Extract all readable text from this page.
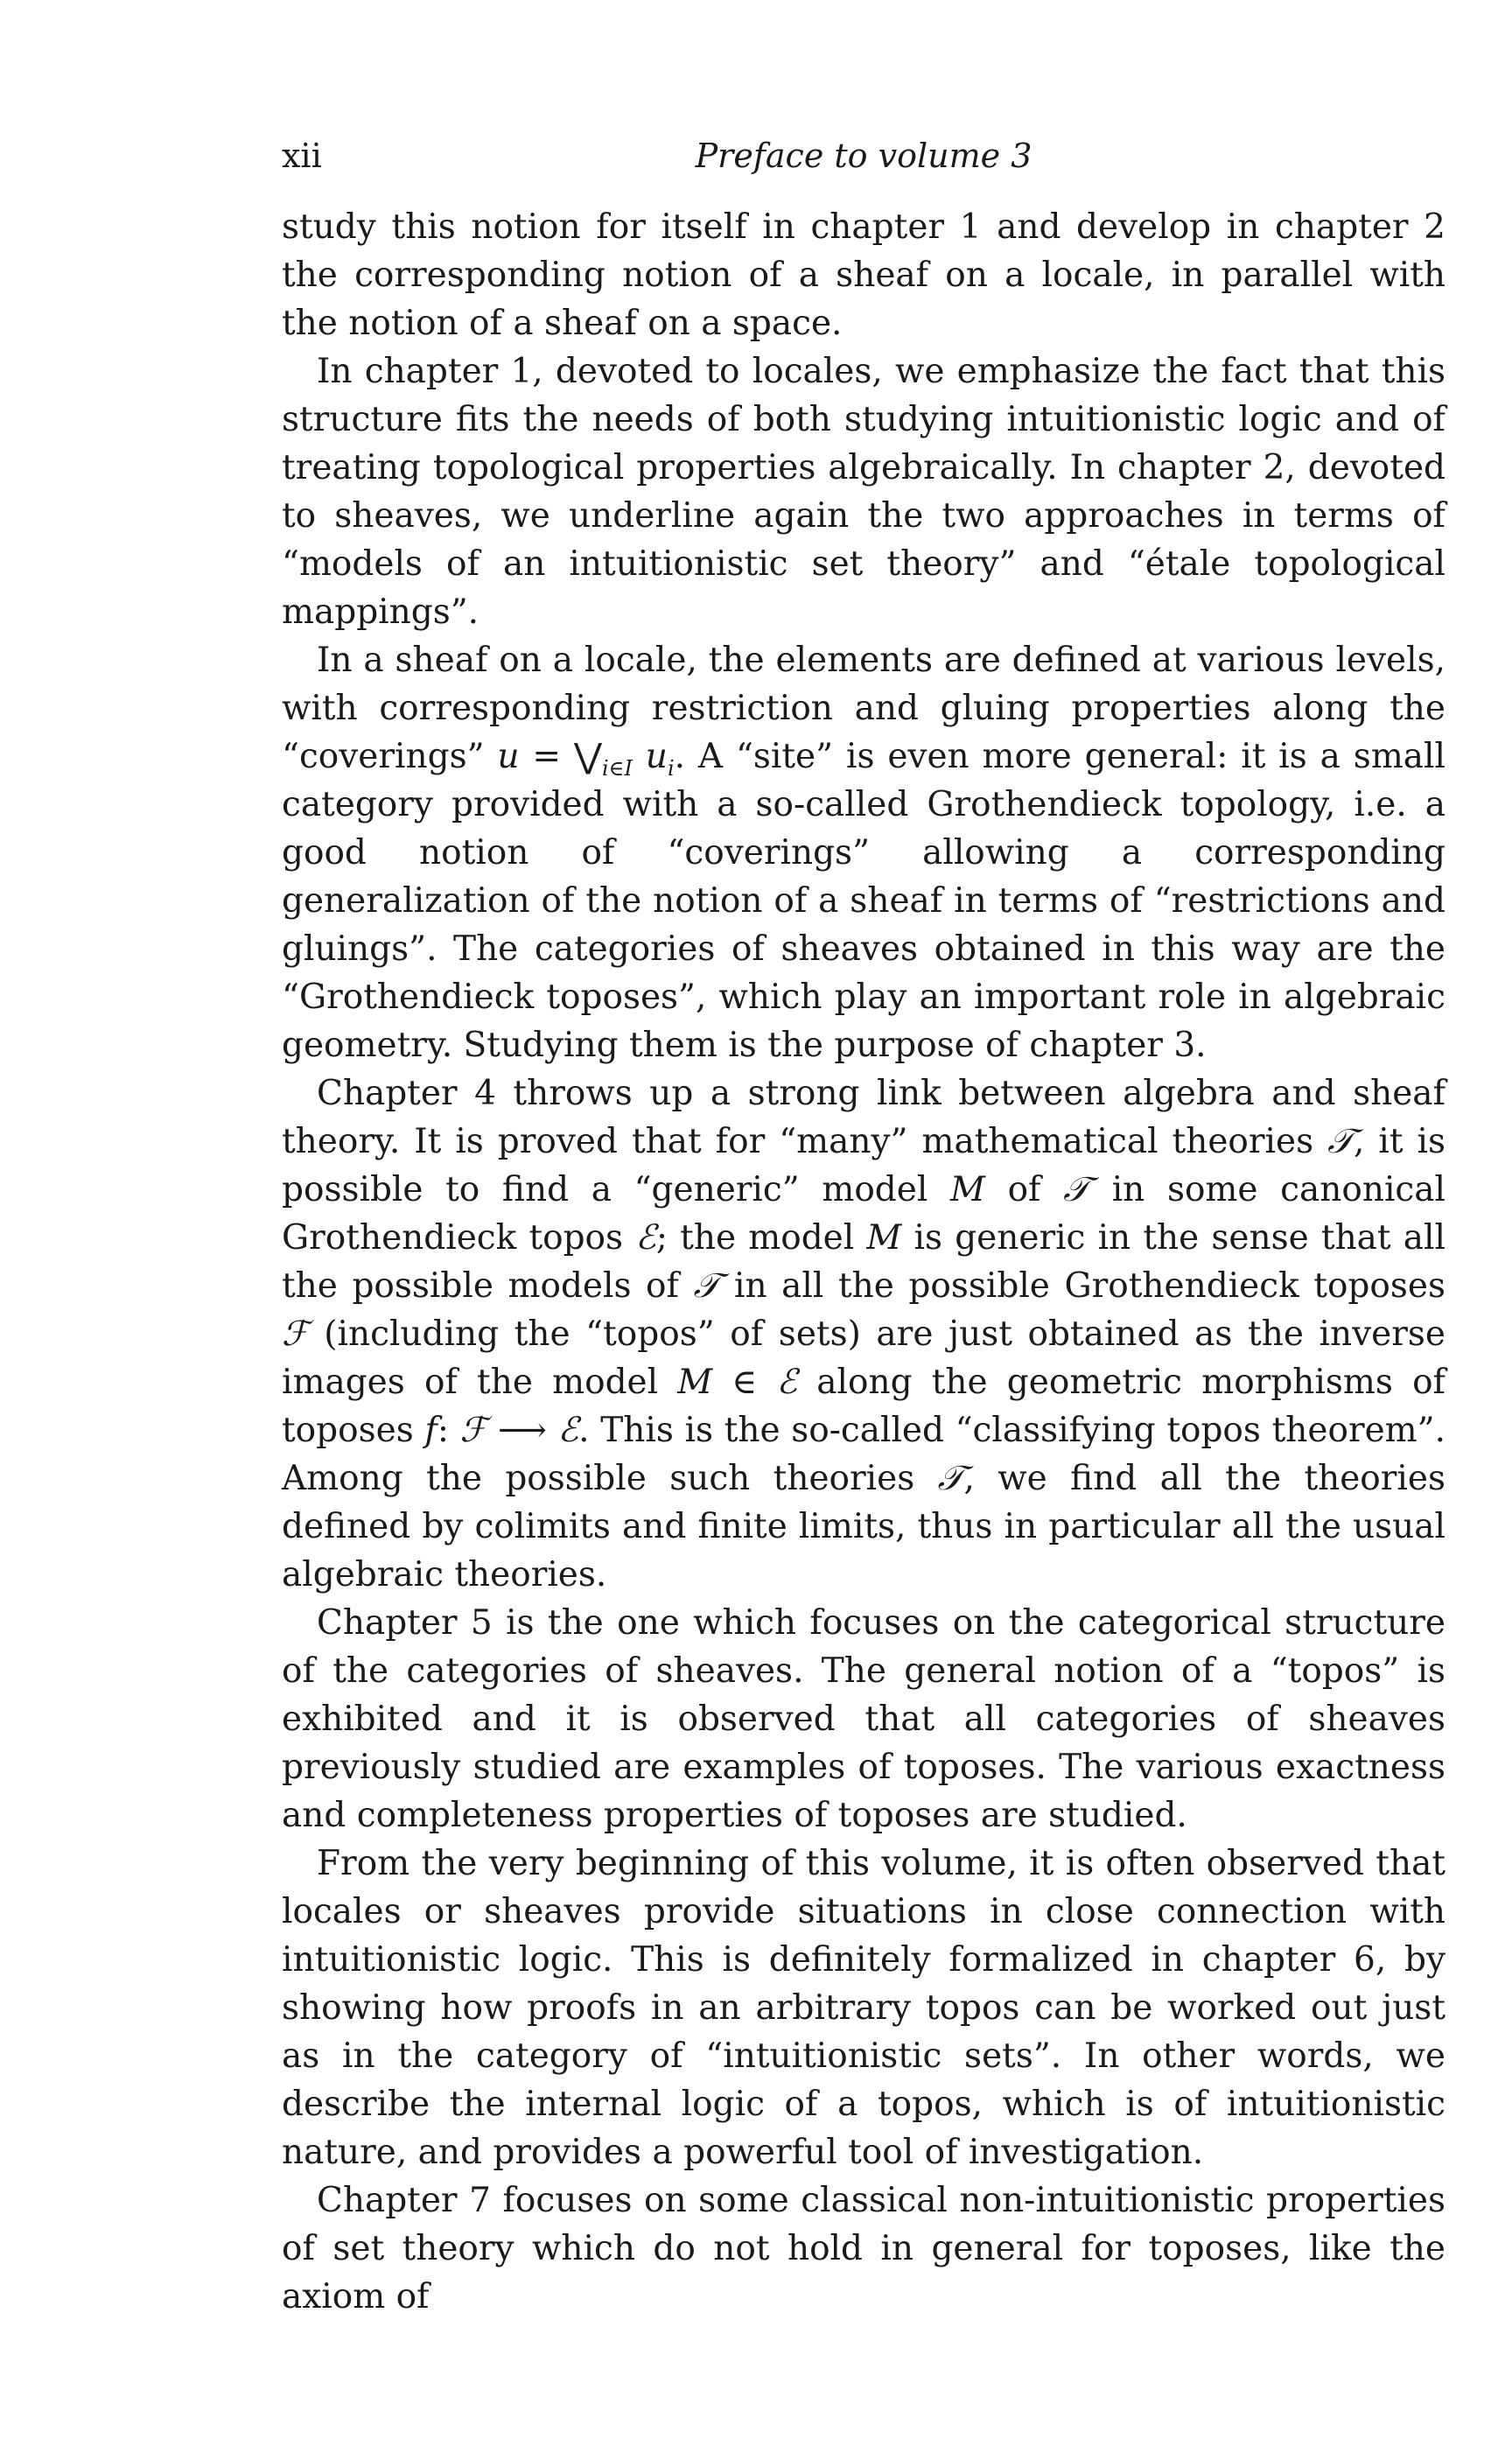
xii	Preface to volume 3

study this notion for itself in chapter 1 and develop in chapter 2 the corresponding notion of a sheaf on a locale, in parallel with the notion of a sheaf on a space.

In chapter 1, devoted to locales, we emphasize the fact that this structure fits the needs of both studying intuitionistic logic and of treating topological properties algebraically. In chapter 2, devoted to sheaves, we underline again the two approaches in terms of “models of an intuitionistic set theory” and “étale topological mappings”.

In a sheaf on a locale, the elements are defined at various levels, with corresponding restriction and gluing properties along the “coverings” $u = ⋁_{i\in I}$ $u_i$. A “site” is even more general: it is a small category provided with a so-called Grothendieck topology, i.e. a good notion of “coverings” allowing a corresponding generalization of the notion of a sheaf in terms of “restrictions and gluings”. The categories of sheaves obtained in this way are the “Grothendieck toposes”, which play an important role in algebraic geometry. Studying them is the purpose of chapter 3.

Chapter 4 throws up a strong link between algebra and sheaf theory. It is proved that for “many” mathematical theories 𝒯, it is possible to find a “generic” model M of 𝒯 in some canonical Grothendieck topos ℰ; the model M is generic in the sense that all the possible models of 𝒯 in all the possible Grothendieck toposes ℱ (including the “topos” of sets) are just obtained as the inverse images of the model M ∈ ℰ along the geometric morphisms of toposes f: ℱ ⟶ ℰ. This is the so-called “classifying topos theorem”. Among the possible such theories 𝒯, we find all the theories defined by colimits and finite limits, thus in particular all the usual algebraic theories.

Chapter 5 is the one which focuses on the categorical structure of the categories of sheaves. The general notion of a “topos” is exhibited and it is observed that all categories of sheaves previously studied are examples of toposes. The various exactness and completeness properties of toposes are studied.

From the very beginning of this volume, it is often observed that locales or sheaves provide situations in close connection with intuitionistic logic. This is definitely formalized in chapter 6, by showing how proofs in an arbitrary topos can be worked out just as in the category of “intuitionistic sets”. In other words, we describe the internal logic of a topos, which is of intuitionistic nature, and provides a powerful tool of investigation.

Chapter 7 focuses on some classical non-intuitionistic properties of set theory which do not hold in general for toposes, like the axiom of
